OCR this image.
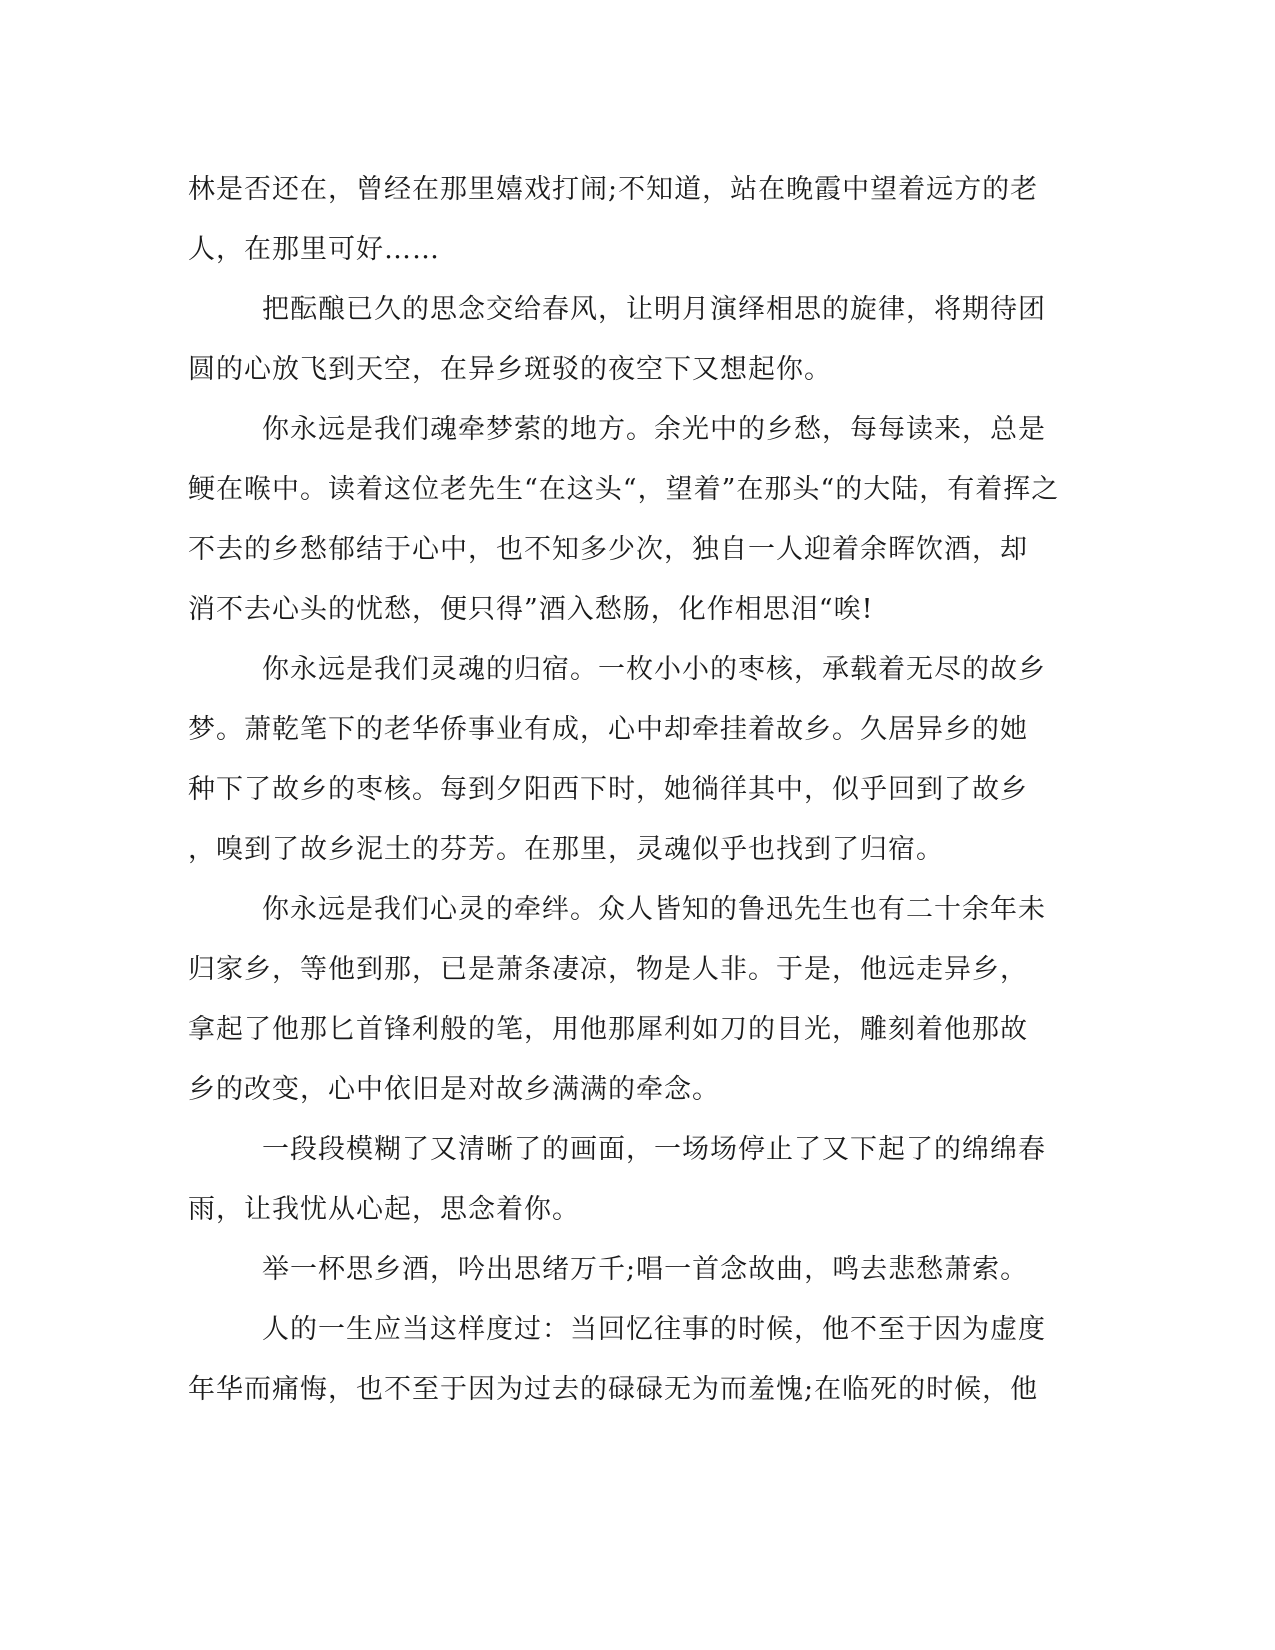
林是否还在，曾经在那里嬉戏打闹;不知道，站在晚霞中望着远方的老
人，在那里可好……
把酝酿已久的思念交给春风，让明月演绎相思的旋律，将期待团
圆的心放飞到天空，在异乡斑驳的夜空下又想起你。
你永远是我们魂牵梦萦的地方。余光中的乡愁，每每读来，总是
鲠在喉中。读着这位老先生“在这头“，望着”在那头“的大陆，有着挥之
不去的乡愁郁结于心中，也不知多少次，独自一人迎着余晖饮酒，却
消不去心头的忧愁，便只得”酒入愁肠，化作相思泪“唉!
你永远是我们灵魂的归宿。一枚小小的枣核，承载着无尽的故乡
梦。萧乾笔下的老华侨事业有成，心中却牵挂着故乡。久居异乡的她
种下了故乡的枣核。每到夕阳西下时，她徜徉其中，似乎回到了故乡
，嗅到了故乡泥土的芬芳。在那里，灵魂似乎也找到了归宿。
你永远是我们心灵的牵绊。众人皆知的鲁迅先生也有二十余年未
归家乡，等他到那，已是萧条凄凉，物是人非。于是，他远走异乡，
拿起了他那匕首锋利般的笔，用他那犀利如刀的目光，雕刻着他那故
乡的改变，心中依旧是对故乡满满的牵念。
一段段模糊了又清晰了的画面，一场场停止了又下起了的绵绵春
雨，让我忧从心起，思念着你。
举一杯思乡酒，吟出思绪万千;唱一首念故曲，鸣去悲愁萧索。
人的一生应当这样度过：当回忆往事的时候，他不至于因为虚度
年华而痛悔，也不至于因为过去的碌碌无为而羞愧;在临死的时候，他
